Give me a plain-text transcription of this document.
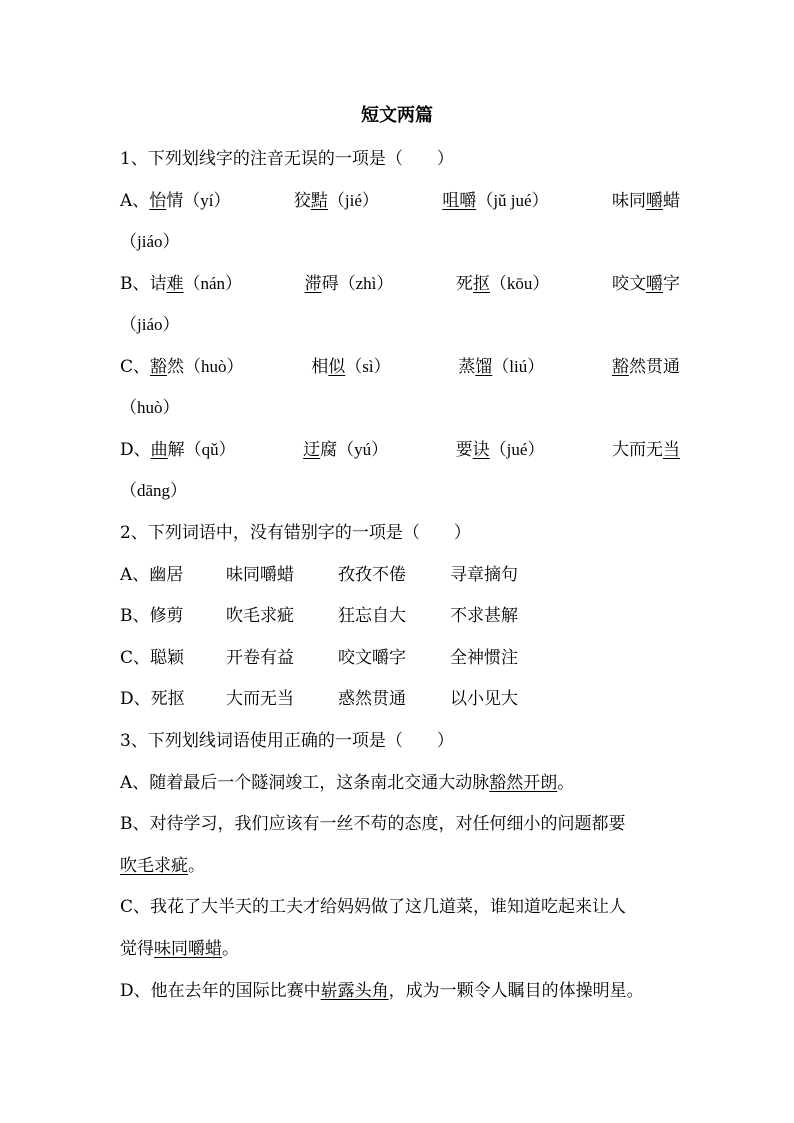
短文两篇
1、下列划线字的注音无误的一项是（　　）
A、怡情（yí）	狡黠（jié）	咀嚼（jǔ jué）	味同嚼蜡
（jiáo）
B、诘难（nán）	滞碍（zhì）	死抠（kōu）	咬文嚼字
（jiáo）
C、豁然（huò）	相似（sì）	蒸馏（liú）	豁然贯通
（huò）
D、曲解（qǔ）	迂腐（yú）	要诀（jué）	大而无当
（dāng）
2、下列词语中，没有错别字的一项是（　　）
A、幽居	味同嚼蜡	孜孜不倦	寻章摘句
B、修剪	吹毛求疵	狂忘自大	不求甚解
C、聪颖	开卷有益	咬文嚼字	全神惯注
D、死抠	大而无当	惑然贯通	以小见大
3、下列划线词语使用正确的一项是（　　）
A、随着最后一个隧洞竣工，这条南北交通大动脉豁然开朗。
B、对待学习，我们应该有一丝不苟的态度，对任何细小的问题都要
吹毛求疵。
C、我花了大半天的工夫才给妈妈做了这几道菜，谁知道吃起来让人
觉得味同嚼蜡。
D、他在去年的国际比赛中崭露头角，成为一颗令人瞩目的体操明星。
